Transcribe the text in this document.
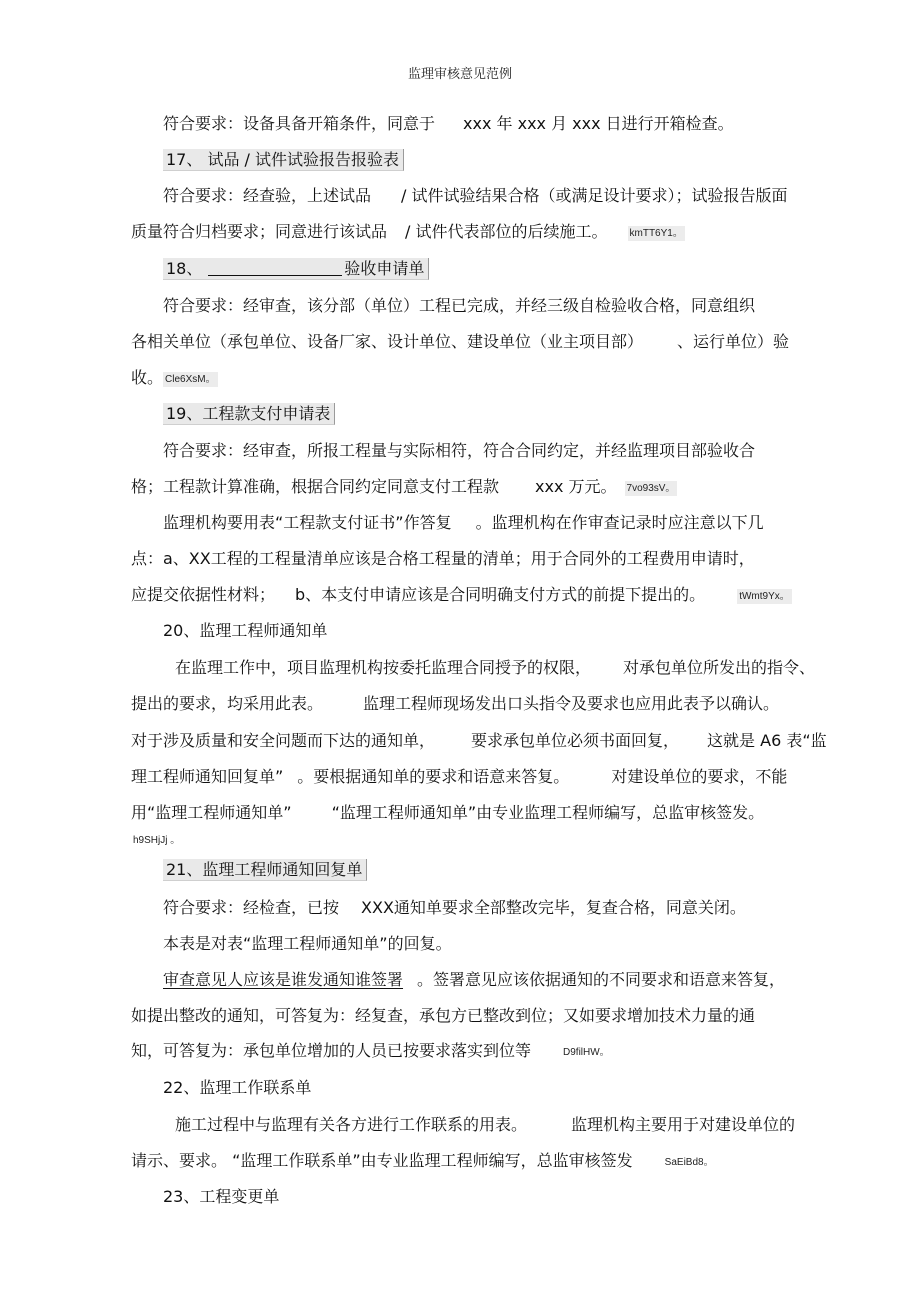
监理审核意见范例
符合要求：设备具备开箱条件，同意于 xxx 年 xxx 月 xxx 日进行开箱检查。
17、 试品 / 试件试验报告报验表
符合要求：经查验，上述试品 / 试件试验结果合格（或满足设计要求）；试验报告版面
质量符合归档要求；同意进行该试品 / 试件代表部位的后续施工。 kmTT6Y1。
18、	验收申请单
符合要求：经审查，该分部（单位）工程已完成，并经三级自检验收合格，同意组织
各相关单位（承包单位、设备厂家、设计单位、建设单位（业主项目部） 、运行单位）验
收。 Cle6XsM。
19、工程款支付申请表
符合要求：经审查，所报工程量与实际相符，符合合同约定，并经监理项目部验收合
格；工程款计算准确，根据合同约定同意支付工程款 xxx 万元。 7vo93sV。
监理机构要用表“工程款支付证书”作答复 。监理机构在作审查记录时应注意以下几
点：a、XX工程的工程量清单应该是合格工程量的清单；用于合同外的工程费用申请时，
应提交依据性材料； b、本支付申请应该是合同明确支付方式的前提下提出的。	tWmt9Yx。
20、监理工程师通知单
在监理工作中，项目监理机构按委托监理合同授予的权限， 对承包单位所发出的指令、
提出的要求，均采用此表。	监理工程师现场发出口头指令及要求也应用此表予以确认。
对于涉及质量和安全问题而下达的通知单， 要求承包单位必须书面回复， 这就是 A6 表“监
理工程师通知回复单” 。要根据通知单的要求和语意来答复。	对建设单位的要求，不能
用“监理工程师通知单”	“监理工程师通知单”由专业监理工程师编写，总监审核签发。
h9SHjJj 。
21、监理工程师通知回复单
符合要求：经检查，已按 XXX通知单要求全部整改完毕，复查合格，同意关闭。
本表是对表“监理工程师通知单”的回复。
审查意见人应该是谁发通知谁签署 。签署意见应该依据通知的不同要求和语意来答复，
如提出整改的通知，可答复为：经复查，承包方已整改到位；又如要求增加技术力量的通
知，可答复为：承包单位增加的人员已按要求落实到位等	D9filHW。
22、监理工作联系单
施工过程中与监理有关各方进行工作联系的用表。	监理机构主要用于对建设单位的
请示、要求。 “监理工作联系单”由专业监理工程师编写，总监审核签发	SaEiBd8。
23、工程变更单
